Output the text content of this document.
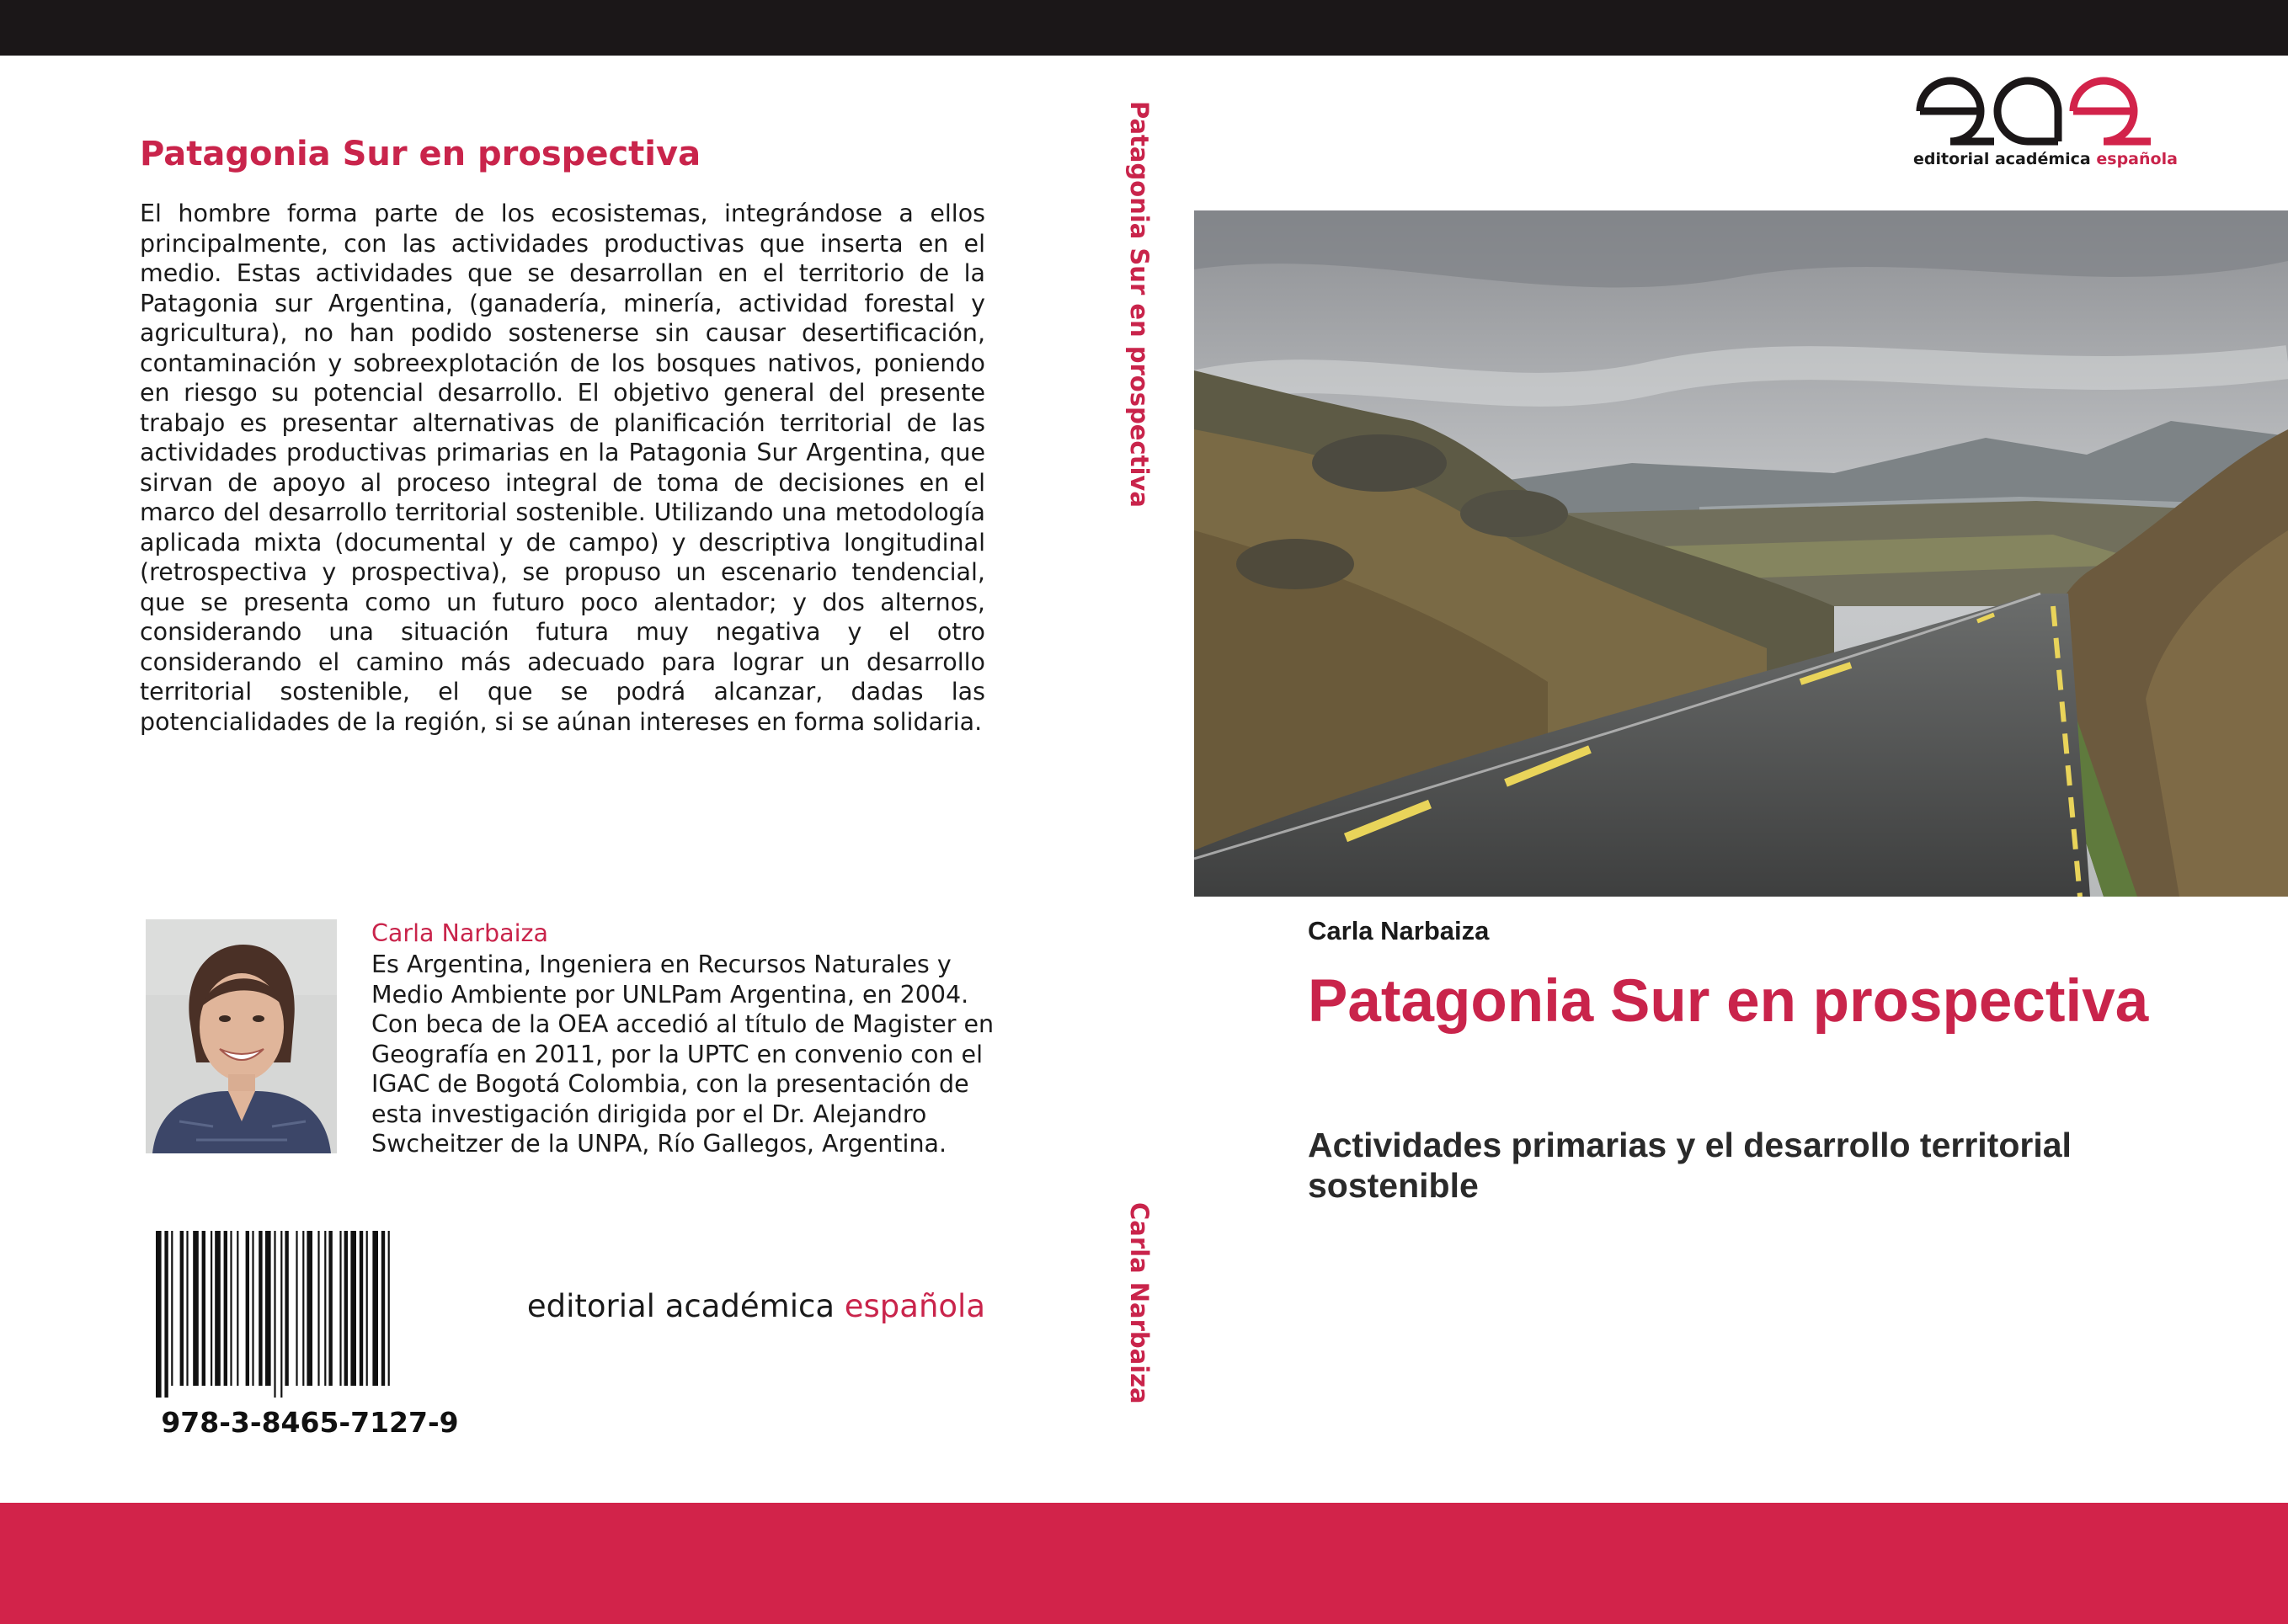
Patagonia Sur en prospectiva

El hombre forma parte de los ecosistemas, integrándose a ellos principalmente, con las actividades productivas que inserta en el medio. Estas actividades que se desarrollan en el territorio de la Patagonia sur Argentina, (ganadería, minería, actividad forestal y agricultura), no han podido sostenerse sin causar desertificación, contaminación y sobreexplotación de los bosques nativos, poniendo en riesgo su potencial desarrollo. El objetivo general del presente trabajo es presentar alternativas de planificación territorial de las actividades productivas primarias en la Patagonia Sur Argentina, que sirvan de apoyo al proceso integral de toma de decisiones en el marco del desarrollo territorial sostenible. Utilizando una metodología aplicada mixta (documental y de campo) y descriptiva longitudinal (retrospectiva y prospectiva), se propuso un escenario tendencial, que se presenta como un futuro poco alentador; y dos alternos, considerando una situación futura muy negativa y el otro considerando el camino más adecuado para lograr un desarrollo territorial sostenible, el que se podrá alcanzar, dadas las potencialidades de la región, si se aúnan intereses en forma solidaria.

Carla Narbaiza

Es Argentina, Ingeniera en Recursos Naturales y Medio Ambiente por UNLPam Argentina, en 2004. Con beca de la OEA accedió al título de Magister en Geografía en 2011, por la UPTC en convenio con el IGAC de Bogotá Colombia, con la presentación de esta investigación dirigida por el Dr. Alejandro Swcheitzer de la UNPA, Río Gallegos, Argentina.

978-3-8465-7127-9
editorial académica española
Patagonia Sur en prospectiva
Carla Narbaiza
editorial académica española

Carla Narbaiza

Patagonia Sur en prospectiva

Actividades primarias y el desarrollo territorial sostenible
